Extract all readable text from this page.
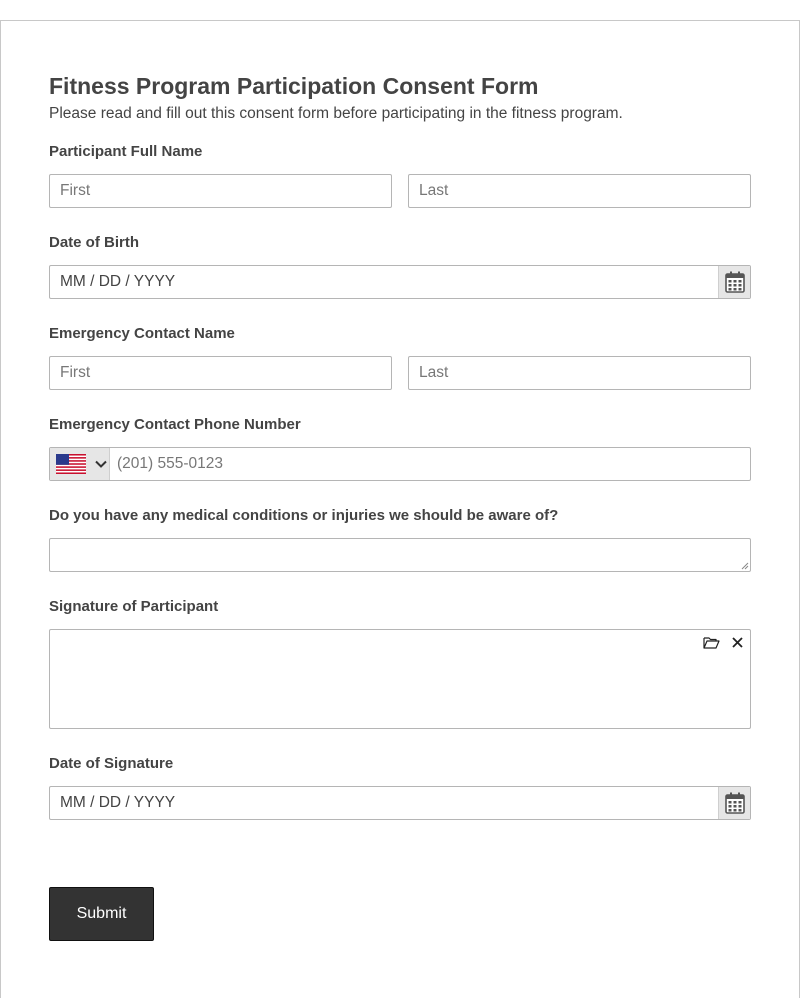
Fitness Program Participation Consent Form
Please read and fill out this consent form before participating in the fitness program.
Participant Full Name
First	Last
Date of Birth
MM / DD / YYYY
Emergency Contact Name
First	Last
Emergency Contact Phone Number
(201) 555-0123
Do you have any medical conditions or injuries we should be aware of?
Signature of Participant
Date of Signature
MM / DD / YYYY
Submit
